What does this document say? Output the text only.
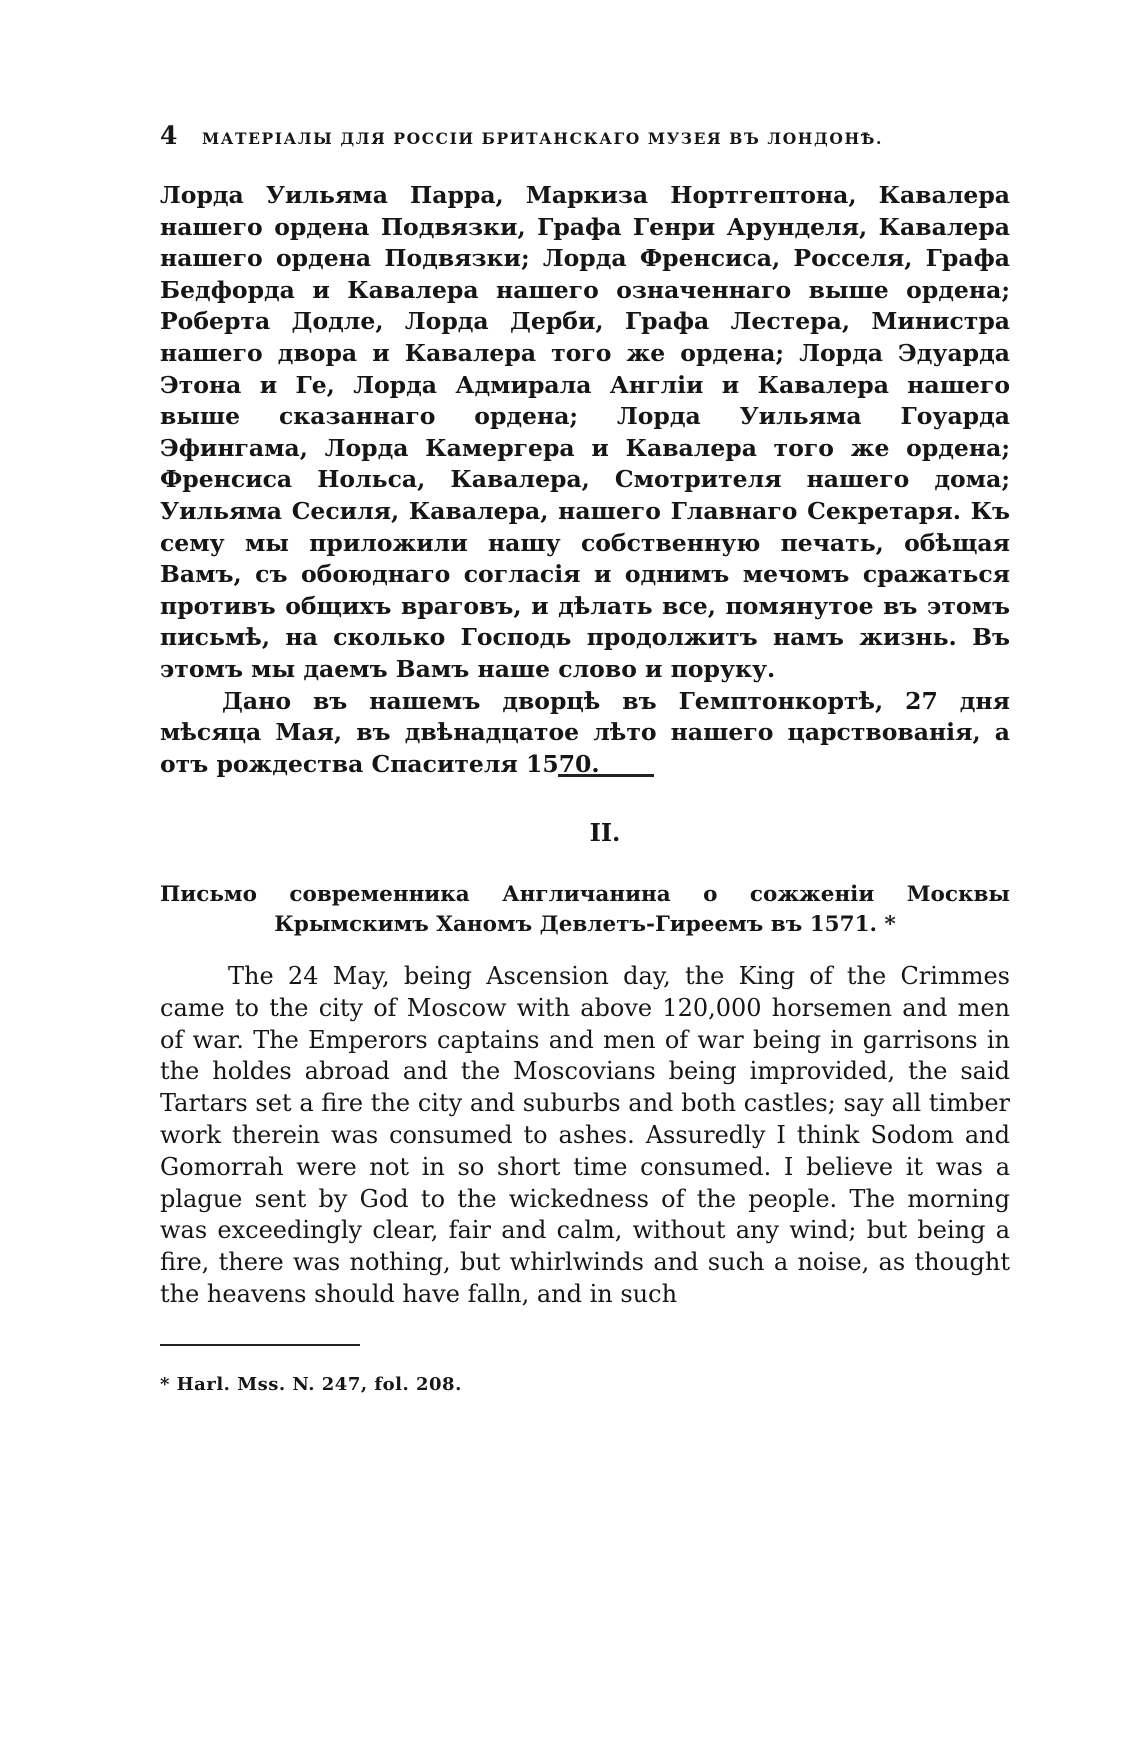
4 МАТЕРІАЛЫ ДЛЯ РОССІИ БРИТАНСКАГО МУЗЕЯ ВЪ ЛОНДОНѢ.

Лорда Уильяма Парра, Маркиза Нортгептона, Кавалера нашего ордена Подвязки, Графа Генри Арунделя, Кавалера нашего ордена Подвязки; Лорда Френсиса, Росселя, Графа Бедфорда и Кавалера нашего означеннаго выше ордена; Роберта Додле, Лорда Дерби, Графа Лестера, Министра нашего двора и Кавалера того же ордена; Лорда Эдуарда Этона и Ге, Лорда Адмирала Англіи и Кавалера нашего выше сказаннаго ордена; Лорда Уильяма Гоуарда Эфингама, Лорда Камергера и Кавалера того же ордена; Френсиса Нольса, Кавалера, Смотрителя нашего дома; Уильяма Сесиля, Кавалера, нашего Главнаго Секретаря. Къ сему мы приложили нашу собственную печать, обѣщая Вамъ, съ обоюднаго согласія и однимъ мечомъ сражаться противъ общихъ враговъ, и дѣлать все, помянутое въ этомъ письмѣ, на сколько Господь продолжитъ намъ жизнь. Въ этомъ мы даемъ Вамъ наше слово и поруку.

Дано въ нашемъ дворцѣ въ Гемптонкортѣ, 27 дня мѣсяца Мая, въ двѣнадцатое лѣто нашего царствованія, а отъ рождества Спасителя 1570.

II.
Письмо современника Англичанина о сожженіи Москвы Крымскимъ Ханомъ Девлетъ-Гиреемъ въ 1571. *

The 24 May, being Ascension day, the King of the Crimmes came to the city of Moscow with above 120,000 horsemen and men of war. The Emperors captains and men of war being in garrisons in the holdes abroad and the Moscovians being improvided, the said Tartars set a fire the city and suburbs and both castles; say all timber work therein was consumed to ashes. Assuredly I think Sodom and Gomorrah were not in so short time consumed. I believe it was a plague sent by God to the wickedness of the people. The morning was exceedingly clear, fair and calm, without any wind; but being a fire, there was nothing, but whirlwinds and such a noise, as thought the heavens should have falln, and in such

* Harl. Mss. N. 247, fol. 208.
